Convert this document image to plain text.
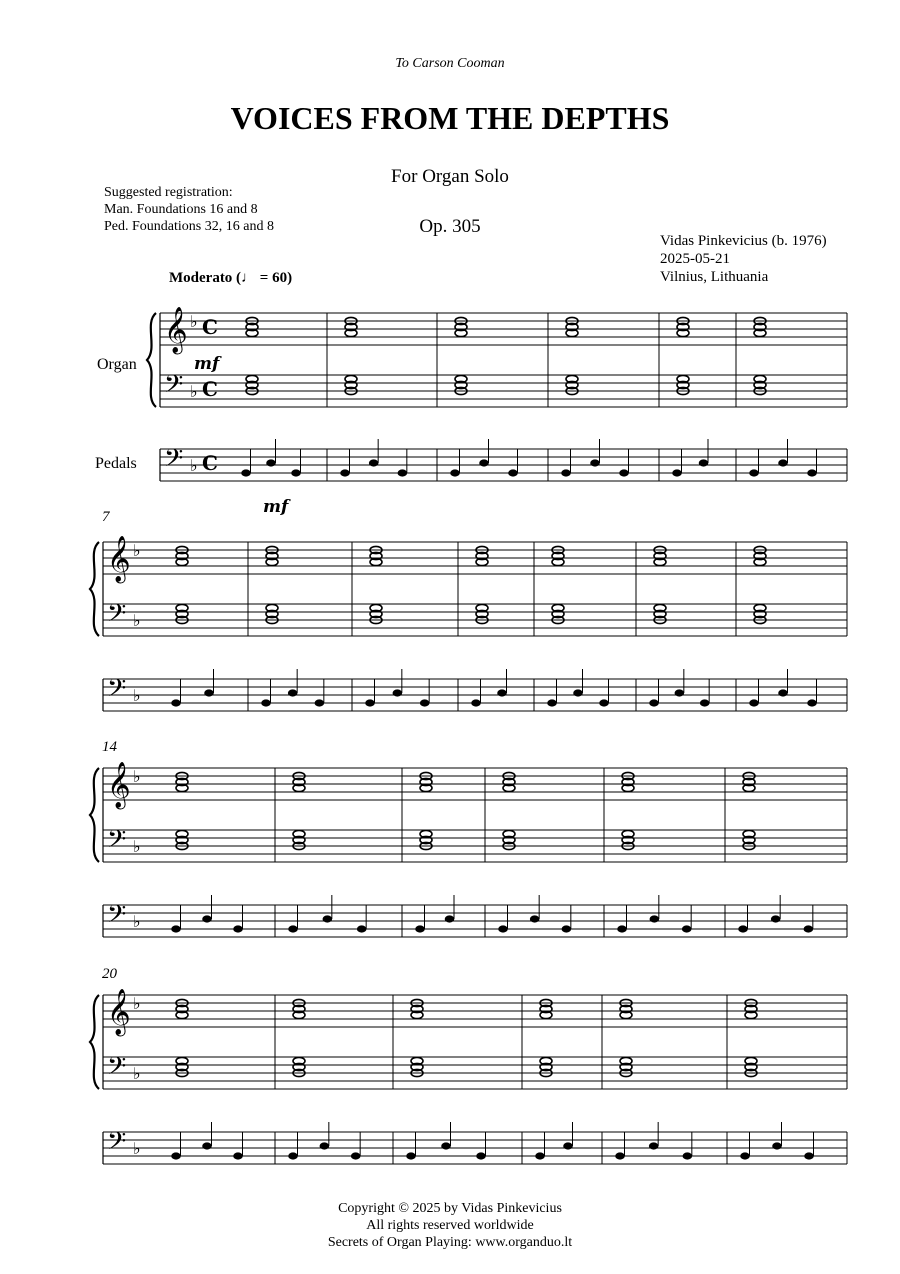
To Carson Cooman
VOICES FROM THE DEPTHS
For Organ Solo
Op. 305
Suggested registration:
Man. Foundations 16 and 8
Ped. Foundations 32, 16 and 8
Vidas Pinkevicius (b. 1976)
2025-05-21
Vilnius, Lithuania
Moderato (♩ = 60)
𝄞
𝄢
𝄢
♭
♭
♭
C
C
C
𝄞
𝄢
𝄢
♭
♭
♭
𝄞
𝄢
𝄢
♭
♭
♭
𝄞
𝄢
𝄢
♭
♭
♭
mf
mf
Organ
Pedals
7
14
20
Copyright © 2025 by Vidas Pinkevicius
All rights reserved worldwide
Secrets of Organ Playing: www.organduo.lt
